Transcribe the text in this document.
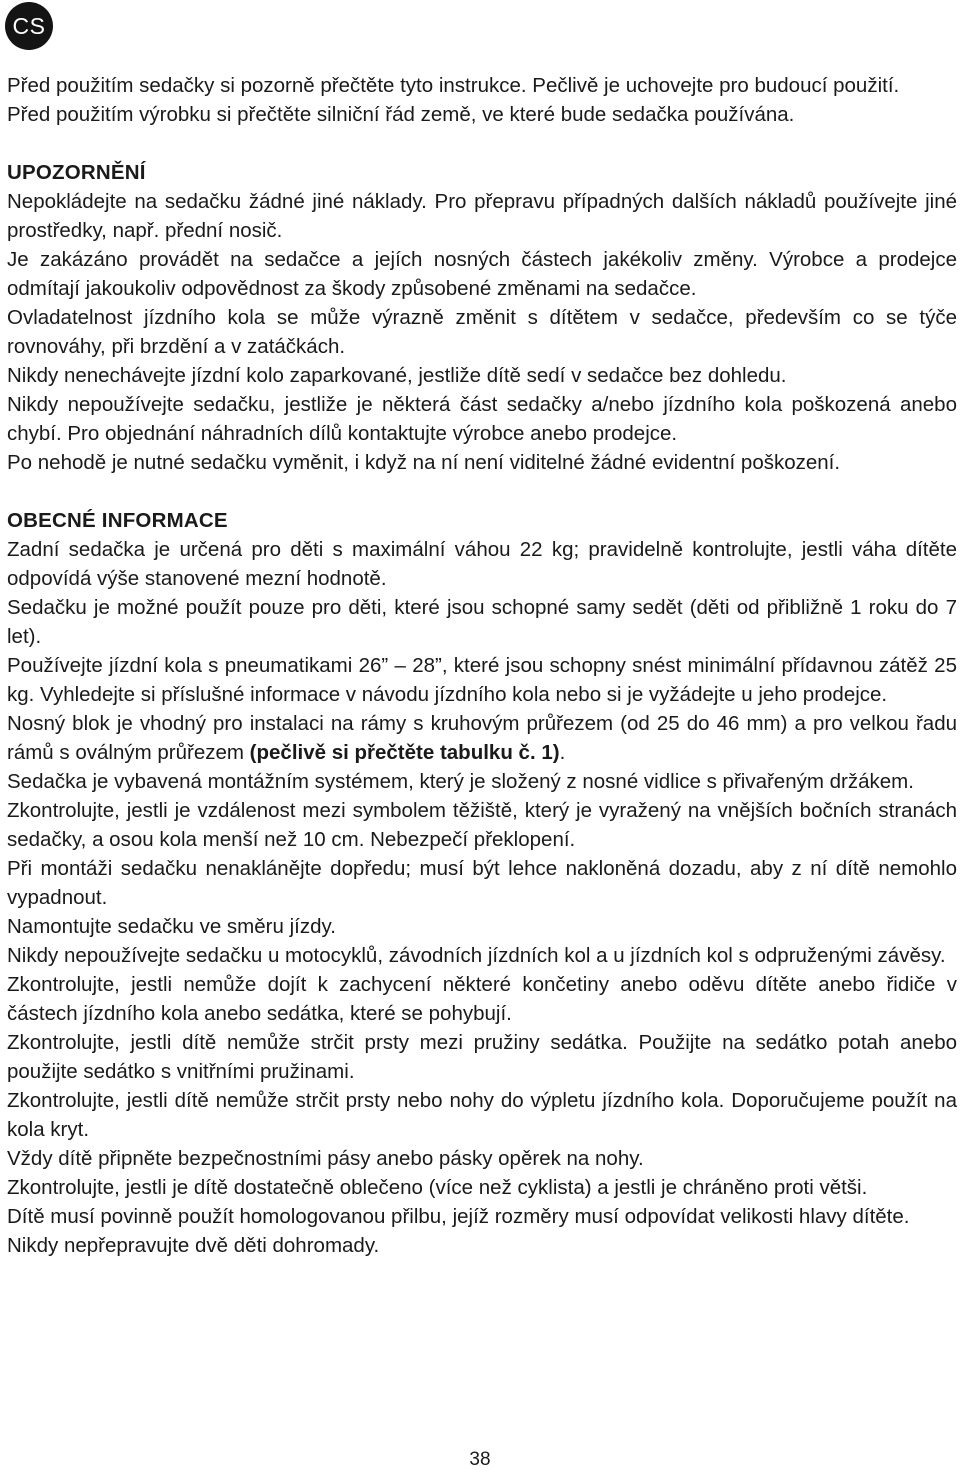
CS

Před použitím sedačky si pozorně přečtěte tyto instrukce. Pečlivě je uchovejte pro budoucí použití.

Před použitím výrobku si přečtěte silniční řád země, ve které bude sedačka používána.

UPOZORNĚNÍ

Nepokládejte na sedačku žádné jiné náklady. Pro přepravu případných dalších nákladů používejte jiné prostředky, např. přední nosič.

Je zakázáno provádět na sedačce a jejích nosných částech jakékoliv změny. Výrobce a prodejce odmítají jakoukoliv odpovědnost za škody způsobené změnami na sedačce.

Ovladatelnost jízdního kola se může výrazně změnit s dítětem v sedačce, především co se týče rovnováhy, při brzdění a v zatáčkách.

Nikdy nenechávejte jízdní kolo zaparkované, jestliže dítě sedí v sedačce bez dohledu.

Nikdy nepoužívejte sedačku, jestliže je některá část sedačky a/nebo jízdního kola poškozená anebo chybí. Pro objednání náhradních dílů kontaktujte výrobce anebo prodejce.

Po nehodě je nutné sedačku vyměnit, i když na ní není viditelné žádné evidentní poškození.

OBECNÉ INFORMACE

Zadní sedačka je určená pro děti s maximální váhou 22 kg; pravidelně kontrolujte, jestli váha dítěte odpovídá výše stanovené mezní hodnotě.

Sedačku je možné použít pouze pro děti, které jsou schopné samy sedět (děti od přibližně 1 roku do 7 let).

Používejte jízdní kola s pneumatikami 26” – 28”, které jsou schopny snést minimální přídavnou zátěž 25 kg. Vyhledejte si příslušné informace v návodu jízdního kola nebo si je vyžádejte u jeho prodejce.

Nosný blok je vhodný pro instalaci na rámy s kruhovým průřezem (od 25 do 46 mm) a pro velkou řadu rámů s oválným průřezem (pečlivě si přečtěte tabulku č. 1).

Sedačka je vybavená montážním systémem, který je složený z nosné vidlice s přivařeným držákem.

Zkontrolujte, jestli je vzdálenost mezi symbolem těžiště, který je vyražený na vnějších bočních stranách sedačky, a osou kola menší než 10 cm. Nebezpečí překlopení.

Při montáži sedačku nenaklánějte dopředu; musí být lehce nakloněná dozadu, aby z ní dítě nemohlo vypadnout.

Namontujte sedačku ve směru jízdy.

Nikdy nepoužívejte sedačku u motocyklů, závodních jízdních kol a u jízdních kol s odpruženými závěsy.

Zkontrolujte, jestli nemůže dojít k zachycení některé končetiny anebo oděvu dítěte anebo řidiče v částech jízdního kola anebo sedátka, které se pohybují.

Zkontrolujte, jestli dítě nemůže strčit prsty mezi pružiny sedátka. Použijte na sedátko potah anebo použijte sedátko s vnitřními pružinami.

Zkontrolujte, jestli dítě nemůže strčit prsty nebo nohy do výpletu jízdního kola. Doporučujeme použít na kola kryt.

Vždy dítě připněte bezpečnostními pásy anebo pásky opěrek na nohy.

Zkontrolujte, jestli je dítě dostatečně oblečeno (více než cyklista) a jestli je chráněno proti větši.

Dítě musí povinně použít homologovanou přilbu, jejíž rozměry musí odpovídat velikosti hlavy dítěte.

Nikdy nepřepravujte dvě děti dohromady.

38
